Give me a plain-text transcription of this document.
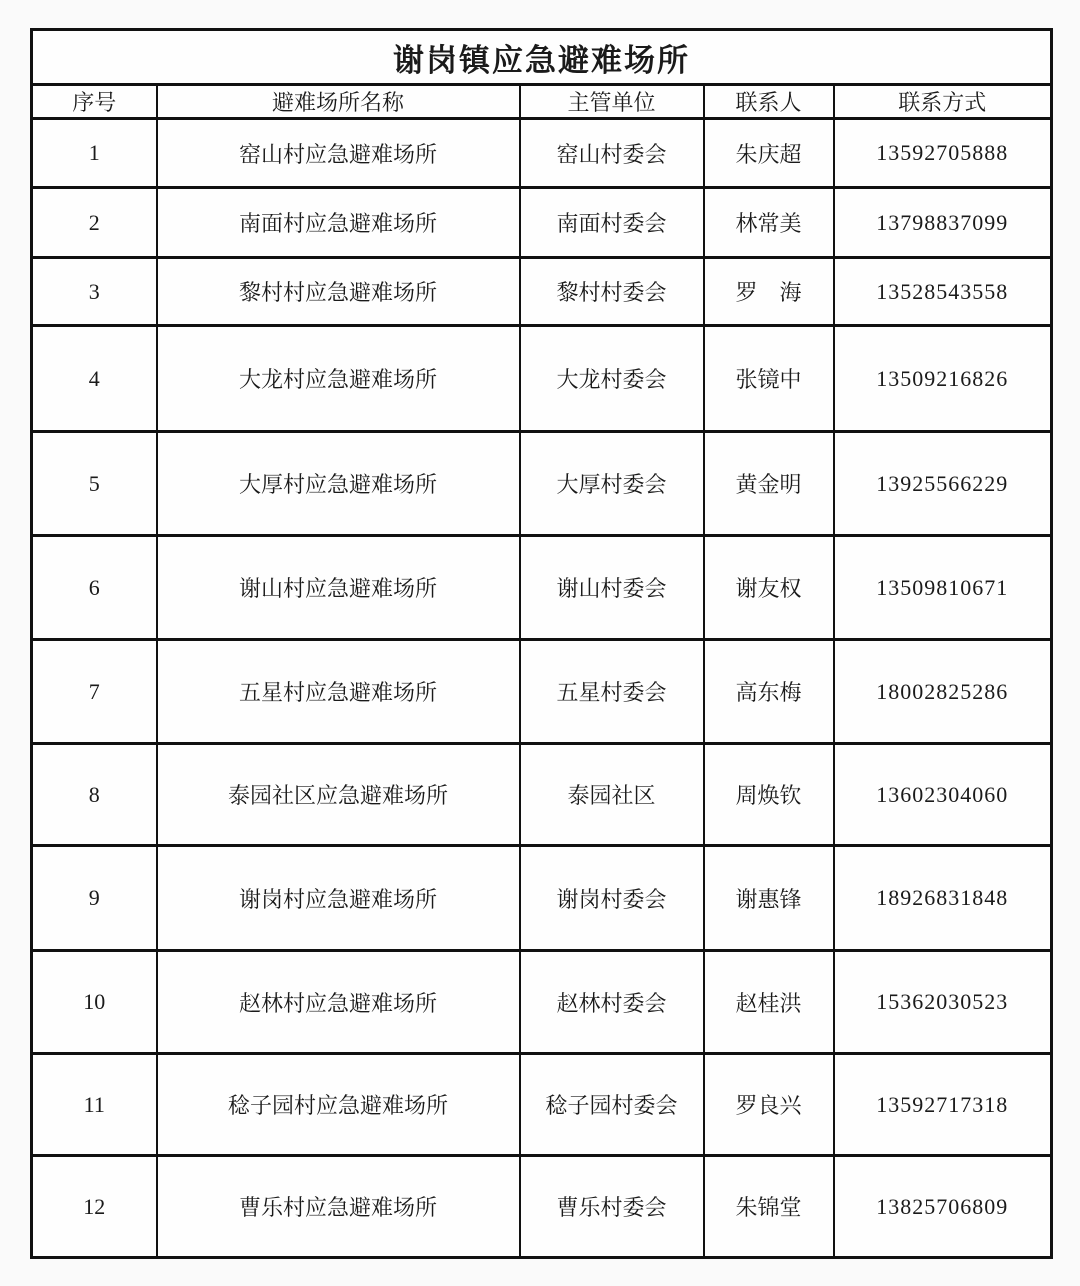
谢岗镇应急避难场所				
序号	避难场所名称	主管单位	联系人	联系方式
1	窑山村应急避难场所	窑山村委会	朱庆超	13592705888
2	南面村应急避难场所	南面村委会	林常美	13798837099
3	黎村村应急避难场所	黎村村委会	罗　海	13528543558
4	大龙村应急避难场所	大龙村委会	张镜中	13509216826
5	大厚村应急避难场所	大厚村委会	黄金明	13925566229
6	谢山村应急避难场所	谢山村委会	谢友权	13509810671
7	五星村应急避难场所	五星村委会	高东梅	18002825286
8	泰园社区应急避难场所	泰园社区	周焕钦	13602304060
9	谢岗村应急避难场所	谢岗村委会	谢惠锋	18926831848
10	赵林村应急避难场所	赵林村委会	赵桂洪	15362030523
11	稔子园村应急避难场所	稔子园村委会	罗良兴	13592717318
12	曹乐村应急避难场所	曹乐村委会	朱锦堂	13825706809
